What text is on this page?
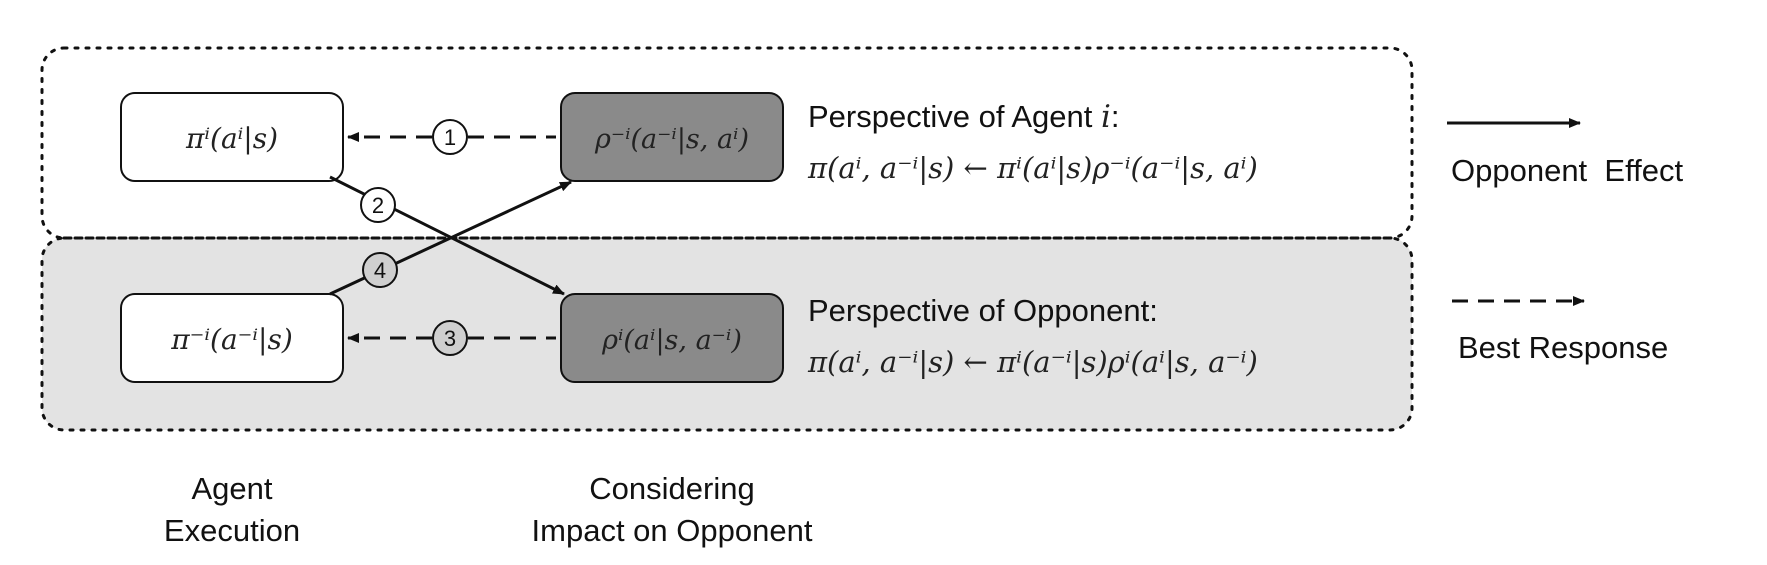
πⁱ(aⁱ|s)	ρ⁻ⁱ(a⁻ⁱ|s, aⁱ)
π⁻ⁱ(a⁻ⁱ|s)	ρⁱ(aⁱ|s, a⁻ⁱ)
1
2
3
4
Perspective of Agent i:
π(aⁱ, a⁻ⁱ|s) ← πⁱ(aⁱ|s)ρ⁻ⁱ(a⁻ⁱ|s, aⁱ)
Perspective of Opponent:
π(aⁱ, a⁻ⁱ|s) ← πⁱ(a⁻ⁱ|s)ρⁱ(aⁱ|s, a⁻ⁱ)
Opponent  Effect
Best Response
Agent
Execution
Considering
Impact on Opponent
